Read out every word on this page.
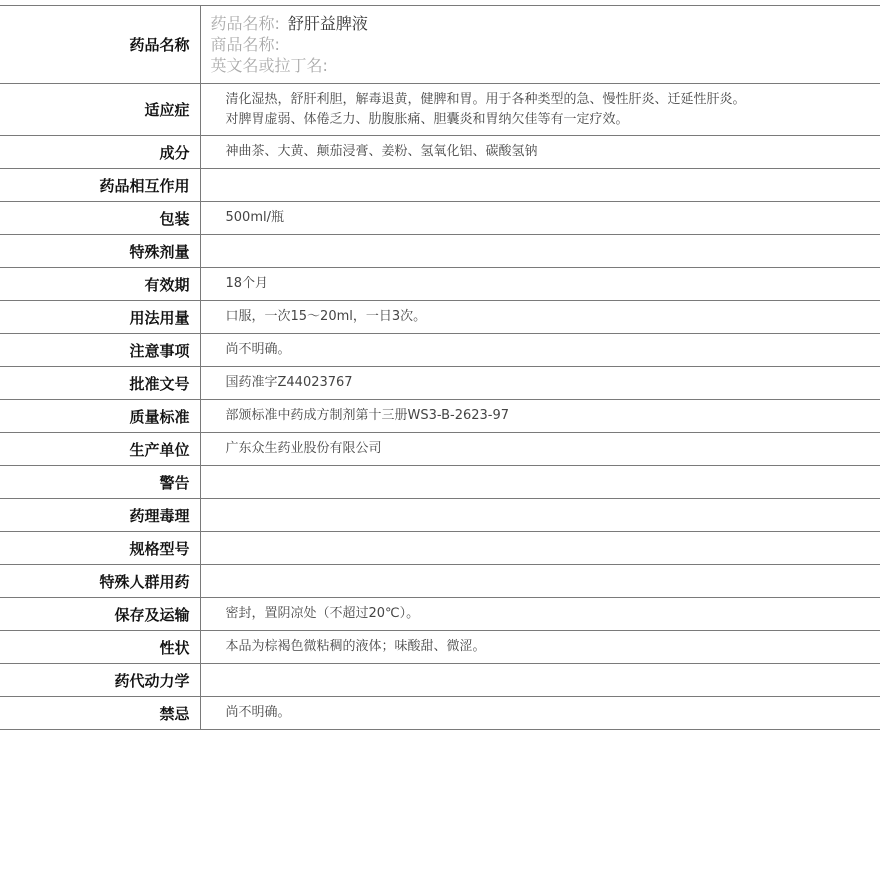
药品名称	药品名称: 舒肝益脾液
商品名称:
英文名或拉丁名:

适应症	清化湿热，舒肝利胆，解毒退黄，健脾和胃。用于各种类型的急、慢性肝炎、迁延性肝炎。
对脾胃虚弱、体倦乏力、肋腹胀痛、胆囊炎和胃纳欠佳等有一定疗效。

成分	神曲茶、大黄、颠茄浸膏、姜粉、氢氧化铝、碳酸氢钠
药品相互作用	
包装	500ml/瓶
特殊剂量	
有效期	18个月
用法用量	口服，一次15～20ml，一日3次。
注意事项	尚不明确。
批准文号	国药准字Z44023767
质量标准	部颁标准中药成方制剂第十三册WS3-B-2623-97
生产单位	广东众生药业股份有限公司
警告	
药理毒理	
规格型号	
特殊人群用药	
保存及运输	密封，置阴凉处（不超过20℃）。
性状	本品为棕褐色微粘稠的液体；味酸甜、微涩。
药代动力学	
禁忌	尚不明确。
